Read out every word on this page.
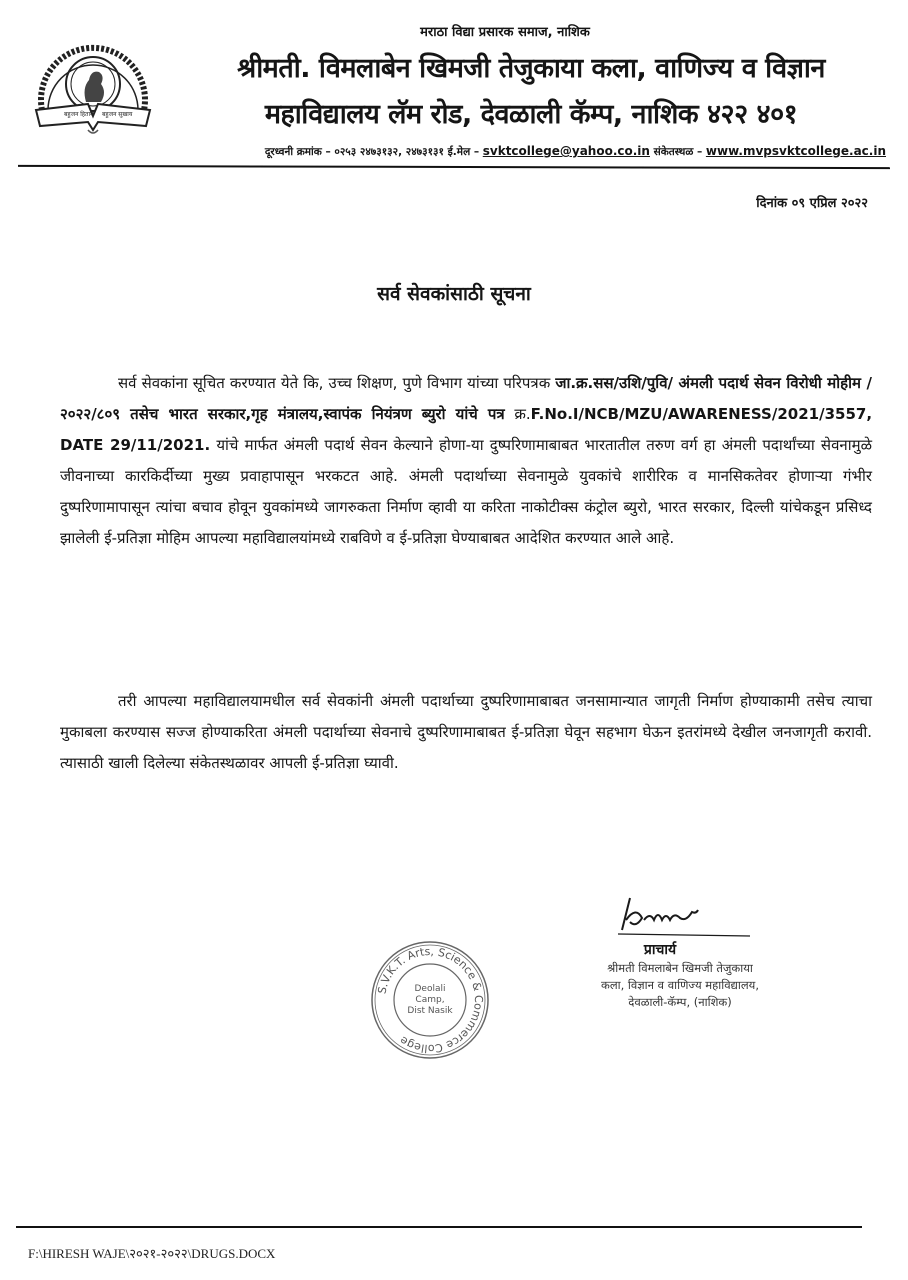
बहुजन हिताय बहुजन सुखाय
मराठा विद्या प्रसारक समाज, नाशिक
श्रीमती. विमलाबेन खिमजी तेजुकाया कला, वाणिज्य व विज्ञान
महाविद्यालय लॅम रोड, देवळाली कॅम्प, नाशिक ४२२ ४०१
दूरध्वनी क्रमांक – ०२५३ २४७३१३२, २४७३१३१ ई.मेल – svktcollege@yahoo.co.in संकेतस्थळ – www.mvpsvktcollege.ac.in
दिनांक ०९ एप्रिल २०२२
सर्व सेवकांसाठी सूचना
सर्व सेवकांना सूचित करण्यात येते कि, उच्च शिक्षण, पुणे विभाग यांच्या परिपत्रक जा.क्र.सस/उशि/पुवि/ अंमली पदार्थ सेवन विरोधी मोहीम /२०२२/८०९ तसेच भारत सरकार,गृह मंत्रालय,स्वापंक नियंत्रण ब्युरो यांचे पत्र क्र.F.No.I/NCB/MZU/AWARENESS/2021/3557, DATE 29/11/2021. यांचे मार्फत अंमली पदार्थ सेवन केल्याने होणा-या दुष्परिणामाबाबत भारतातील तरुण वर्ग हा अंमली पदार्थांच्या सेवनामुळे जीवनाच्या कारकिर्दीच्या मुख्य प्रवाहापासून भरकटत आहे. अंमली पदार्थाच्या सेवनामुळे युवकांचे शारीरिक व मानसिकतेवर होणाऱ्या गंभीर दुष्परिणामापासून त्यांचा बचाव होवून युवकांमध्ये जागरुकता निर्माण व्हावी या करिता नाकोटीक्स कंट्रोल ब्युरो, भारत सरकार, दिल्ली यांचेकडून प्रसिध्द झालेली ई-प्रतिज्ञा मोहिम आपल्या महाविद्यालयांमध्ये राबविणे व ई-प्रतिज्ञा घेण्याबाबत आदेशित करण्यात आले आहे.
तरी आपल्या महाविद्यालयामधील सर्व सेवकांनी अंमली पदार्थाच्या दुष्परिणामाबाबत जनसामान्यात जागृती निर्माण होण्याकामी तसेच त्याचा मुकाबला करण्यास सज्ज होण्याकरिता अंमली पदार्थाच्या सेवनाचे दुष्परिणामाबाबत ई-प्रतिज्ञा घेवून सहभाग घेऊन इतरांमध्ये देखील जनजागृती करावी. त्यासाठी खाली दिलेल्या संकेतस्थळावर आपली ई-प्रतिज्ञा घ्यावी.
S.V.K.T. Arts, Science & Commerce College
Deolali
Camp,
Dist Nasik
प्राचार्य
श्रीमती विमलाबेन खिमजी तेजुकाया
कला, विज्ञान व वाणिज्य महाविद्यालय,
देवळाली-कॅम्प, (नाशिक)
F:\HIRESH WAJE\२०२१-२०२२\DRUGS.DOCX
